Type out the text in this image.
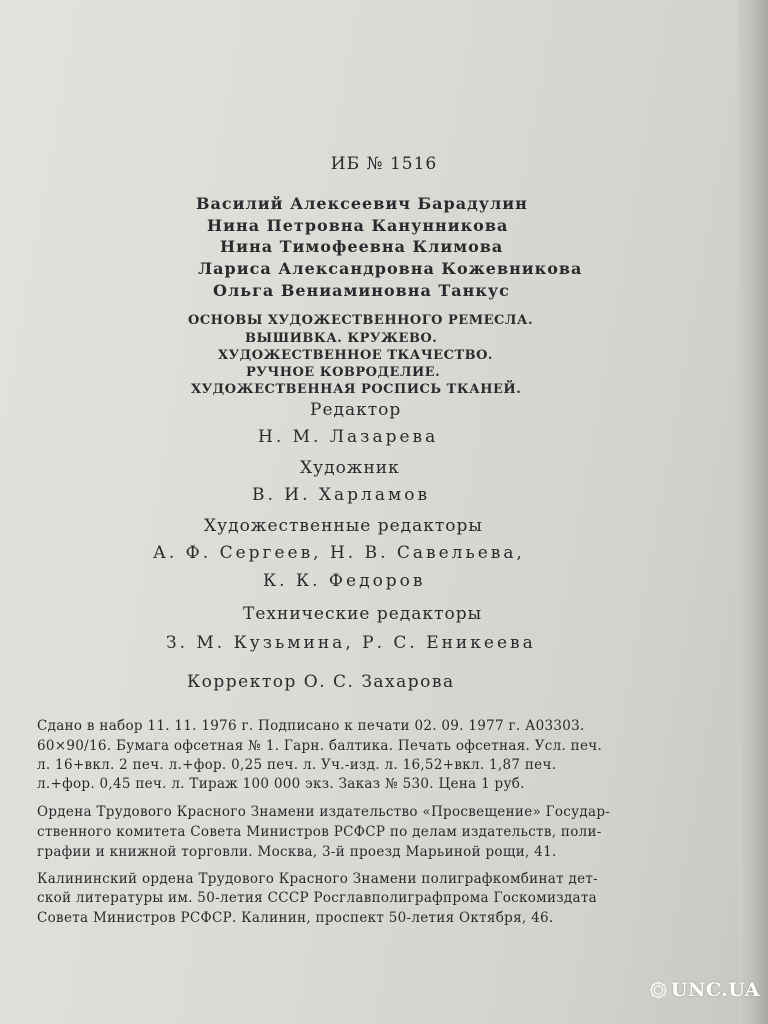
ИБ № 1516
Василий Алексеевич Барадулин
Нина Петровна Канунникова
Нина Тимофеевна Климова
Лариса Александровна Кожевникова
Ольга Вениаминовна Танкус
ОСНОВЫ ХУДОЖЕСТВЕННОГО РЕМЕСЛА.
ВЫШИВКА. КРУЖЕВО.
ХУДОЖЕСТВЕННОЕ ТКАЧЕСТВО.
РУЧНОЕ КОВРОДЕЛИЕ.
ХУДОЖЕСТВЕННАЯ РОСПИСЬ ТКАНЕЙ.
Редактор
Н. М. Лазарева
Художник
В. И. Харламов
Художественные редакторы
А. Ф. Сергеев, Н. В. Савельева,
К. К. Федоров
Технические редакторы
З. М. Кузьмина, Р. С. Еникеева
Корректор О. С. Захарова
Сдано в набор 11. 11. 1976 г. Подписано к печати 02. 09. 1977 г. А03303.
60×90/16. Бумага офсетная № 1. Гарн. балтика. Печать офсетная. Усл. печ.
л. 16+вкл. 2 печ. л.+фор. 0,25 печ. л. Уч.-изд. л. 16,52+вкл. 1,87 печ.
л.+фор. 0,45 печ. л. Тираж 100 000 экз. Заказ № 530. Цена 1 руб.
Ордена Трудового Красного Знамени издательство «Просвещение» Государ-
ственного комитета Совета Министров РСФСР по делам издательств, поли-
графии и книжной торговли. Москва, 3-й проезд Марьиной рощи, 41.
Калининский ордена Трудового Красного Знамени полиграфкомбинат дет-
ской литературы им. 50-летия СССР Росглавполиграфпрома Госкомиздата
Совета Министров РСФСР. Калинин, проспект 50-летия Октября, 46.
UNC.UA
